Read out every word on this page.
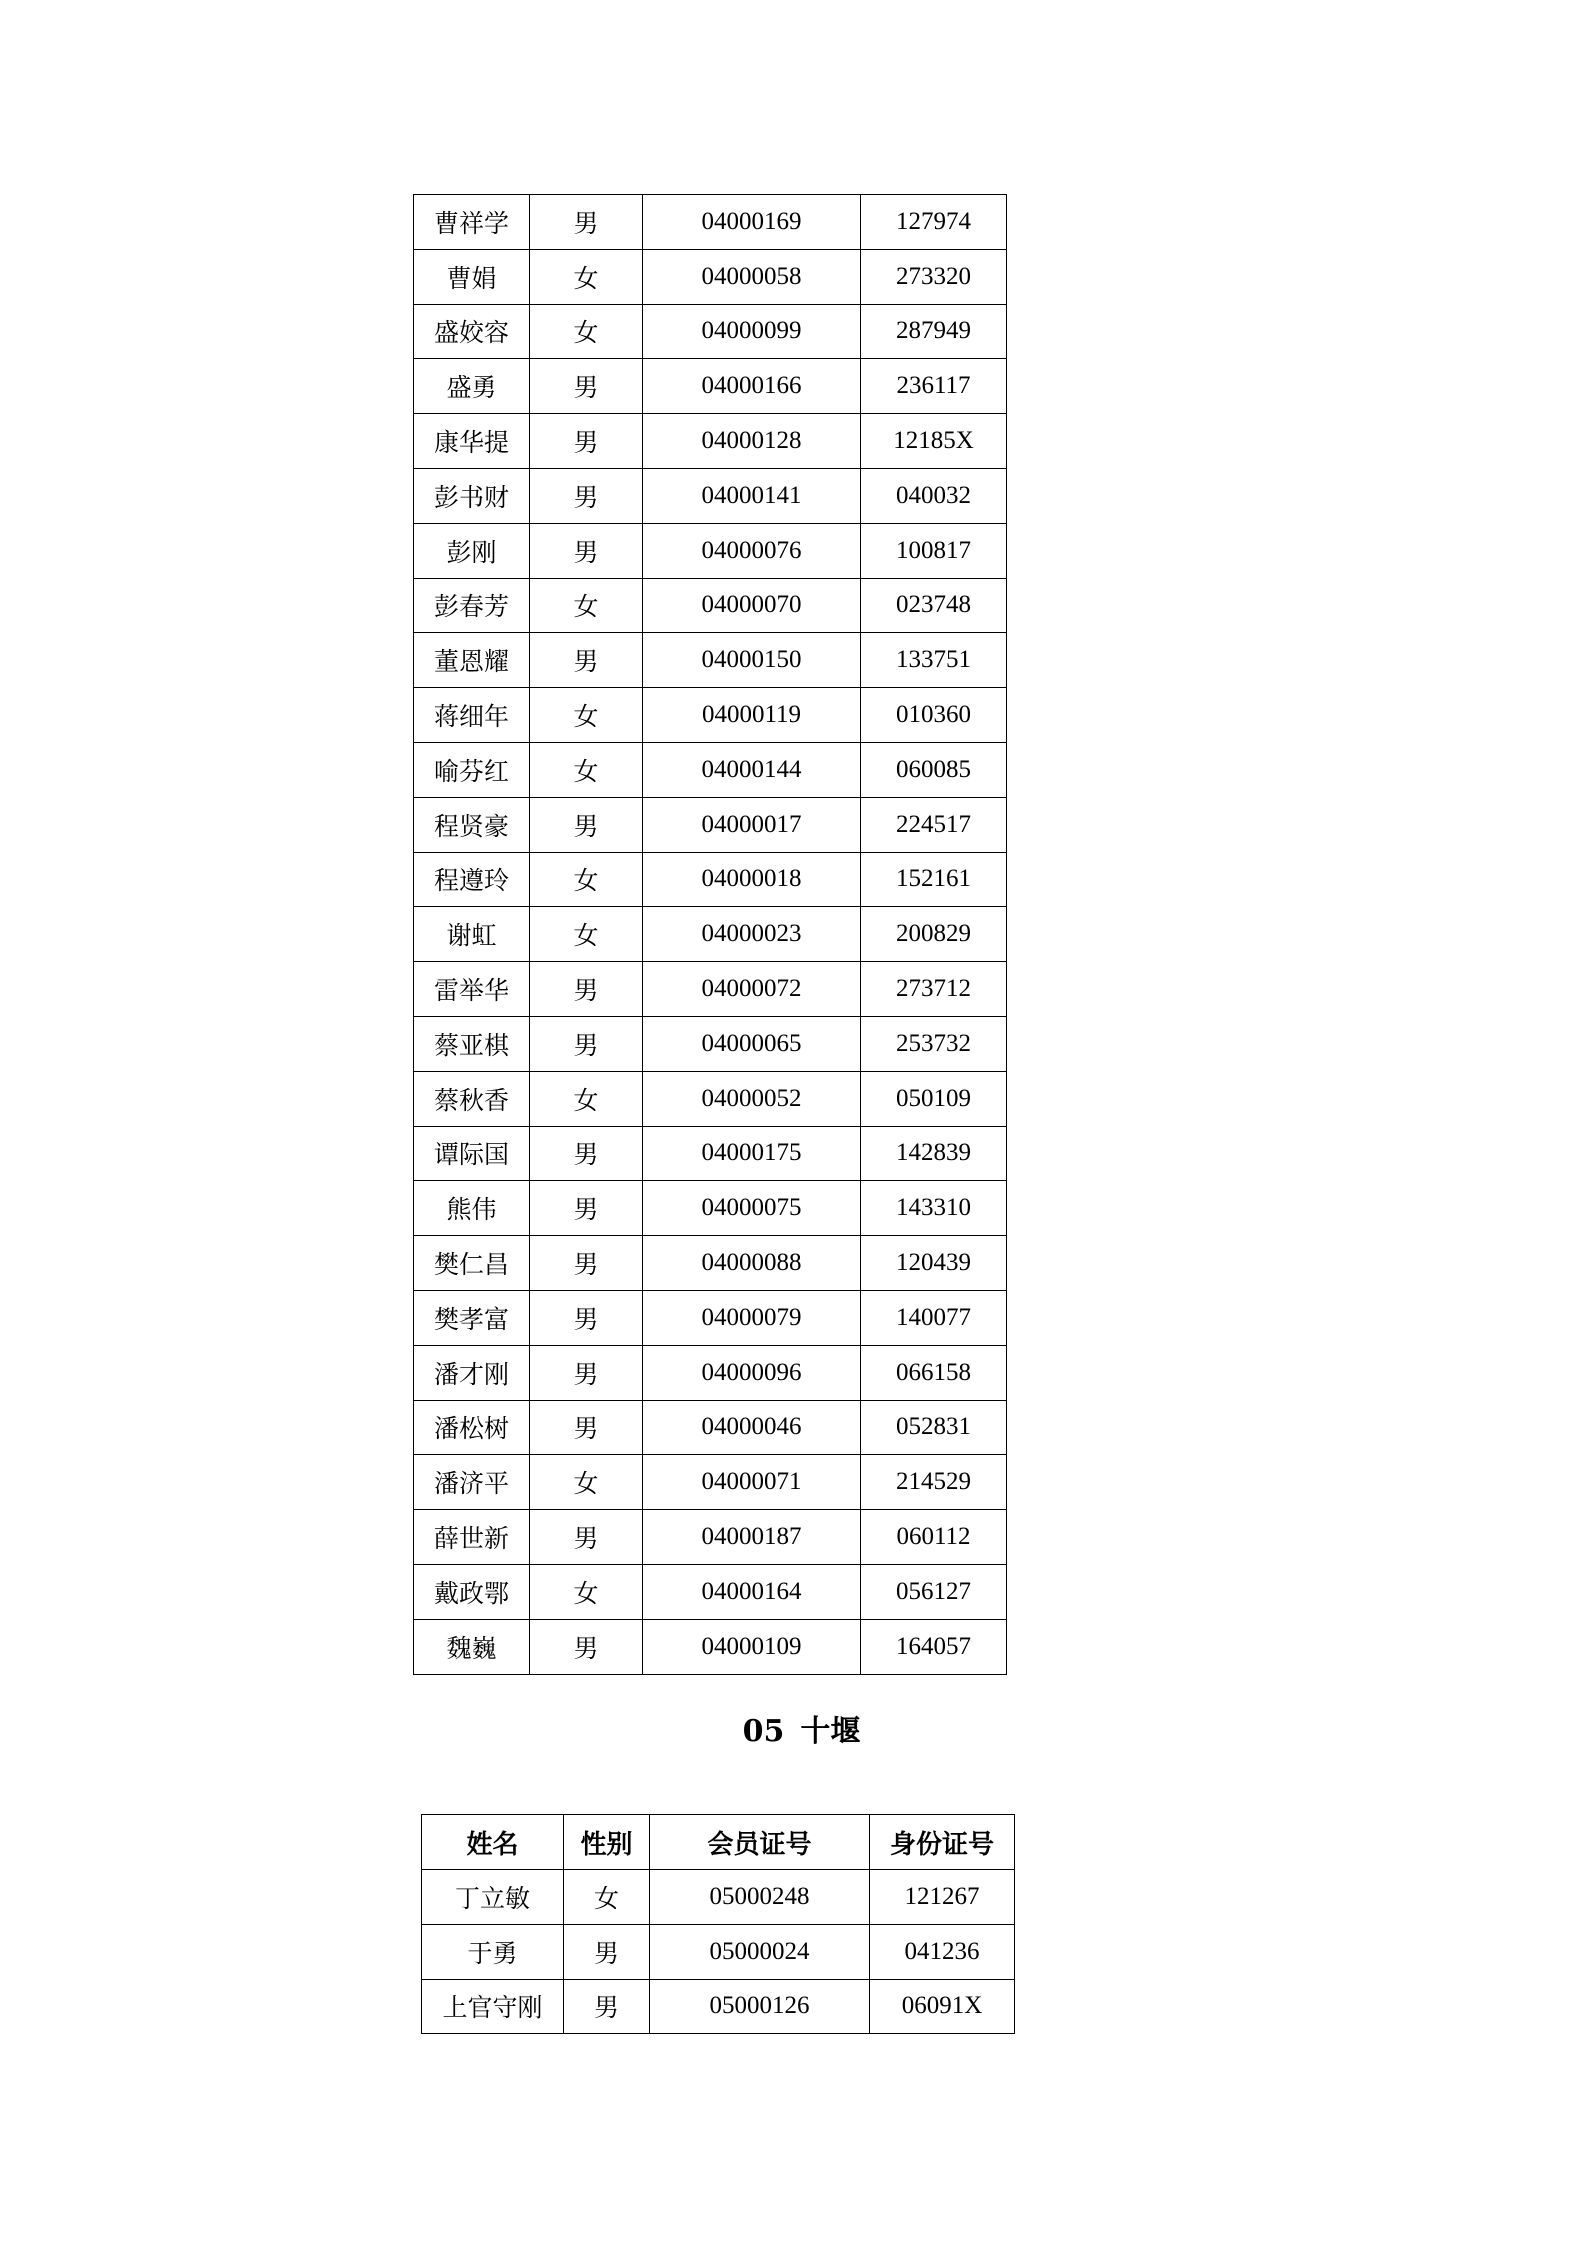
曹祥学	男	04000169	127974
曹娟	女	04000058	273320
盛姣容	女	04000099	287949
盛勇	男	04000166	236117
康华提	男	04000128	12185X
彭书财	男	04000141	040032
彭刚	男	04000076	100817
彭春芳	女	04000070	023748
董恩耀	男	04000150	133751
蒋细年	女	04000119	010360
喻芬红	女	04000144	060085
程贤豪	男	04000017	224517
程遵玲	女	04000018	152161
谢虹	女	04000023	200829
雷举华	男	04000072	273712
蔡亚棋	男	04000065	253732
蔡秋香	女	04000052	050109
谭际国	男	04000175	142839
熊伟	男	04000075	143310
樊仁昌	男	04000088	120439
樊孝富	男	04000079	140077
潘才刚	男	04000096	066158
潘松树	男	04000046	052831
潘济平	女	04000071	214529
薛世新	男	04000187	060112
戴政鄂	女	04000164	056127
魏巍	男	04000109	164057
05 十堰
姓名	性别	会员证号	身份证号
丁立敏	女	05000248	121267
于勇	男	05000024	041236
上官守刚	男	05000126	06091X
